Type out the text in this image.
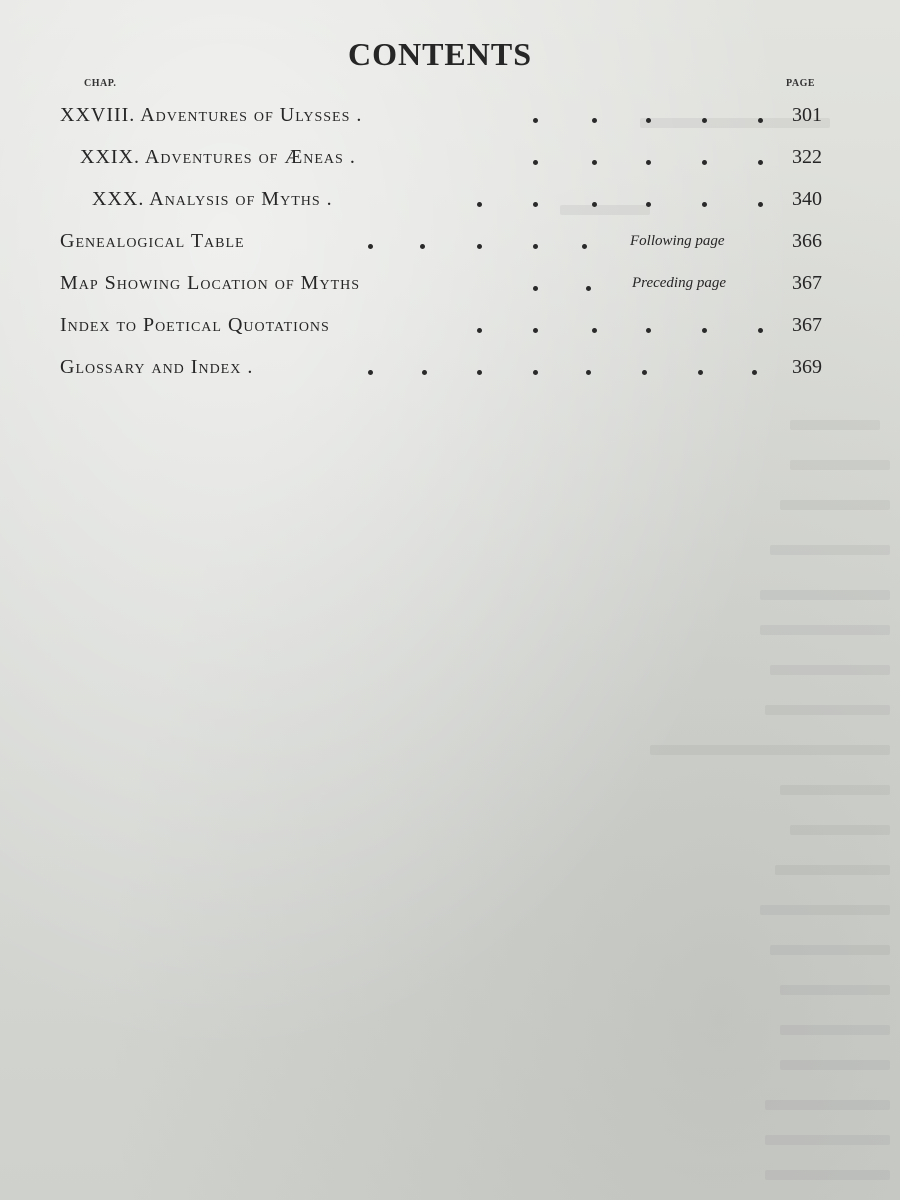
CONTENTS
CHAP.	PAGE
XXVIII. Adventures of Ulysses .	301
XXIX. Adventures of Æneas .	322
XXX. Analysis of Myths .	340
Genealogical Table	Following page	366
Map Showing Location of Myths	Preceding page	367
Index to Poetical Quotations	367
Glossary and Index .	369
